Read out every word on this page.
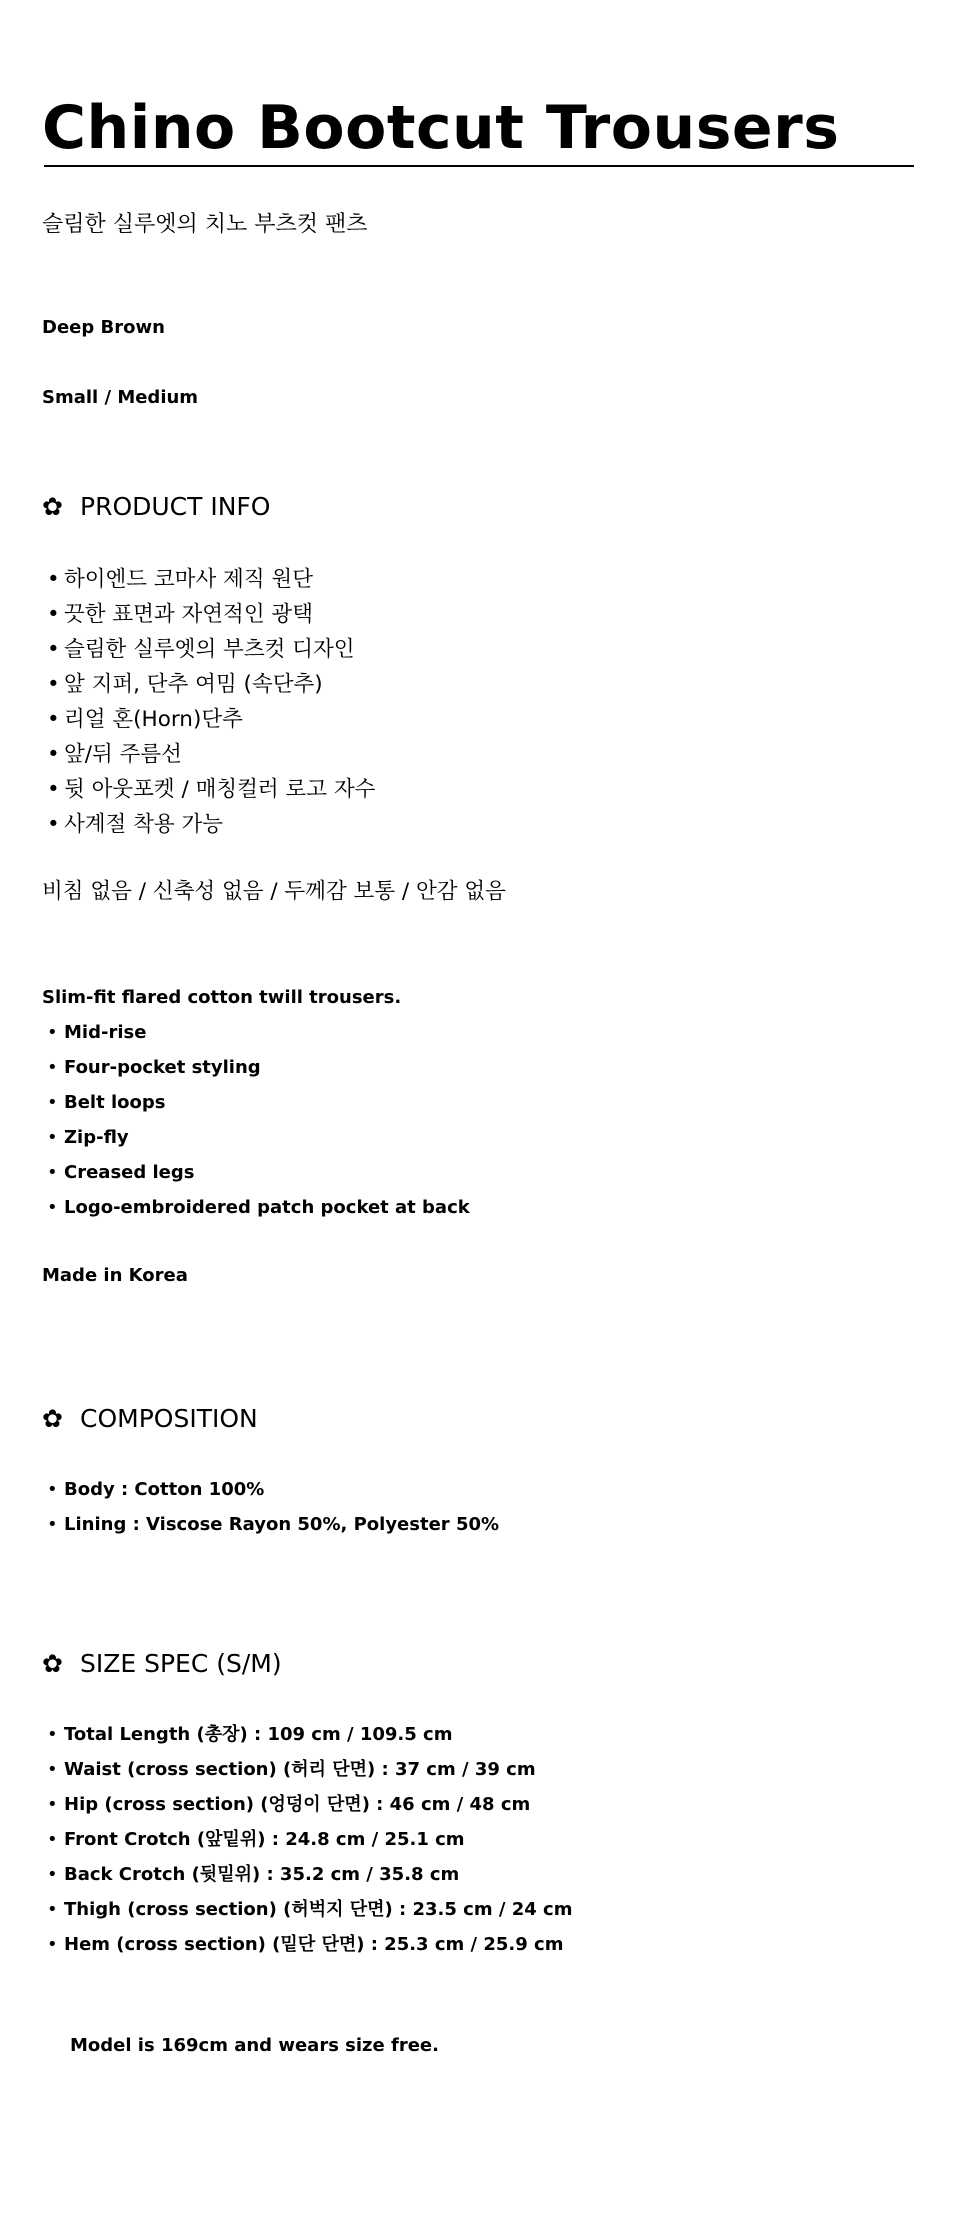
Chino Bootcut Trousers
슬림한 실루엣의 치노 부츠컷 팬츠
Deep Brown
Small / Medium
✿ PRODUCT INFO
• 하이엔드 코마사 제직 원단
• 끗한 표면과 자연적인 광택
• 슬림한 실루엣의 부츠컷 디자인
• 앞 지퍼, 단추 여밈 (속단추)
• 리얼 혼(Horn)단추
• 앞/뒤 주름선
• 뒷 아웃포켓 / 매칭컬러 로고 자수
• 사계절 착용 가능
비침 없음 / 신축성 없음 / 두께감 보통 / 안감 없음
Slim-fit flared cotton twill trousers.
• Mid-rise
• Four-pocket styling
• Belt loops
• Zip-fly
• Creased legs
• Logo-embroidered patch pocket at back
Made in Korea
✿ COMPOSITION
• Body : Cotton 100%
• Lining : Viscose Rayon 50%, Polyester 50%
✿ SIZE SPEC (S/M)
• Total Length (총장) : 109 cm / 109.5 cm
• Waist (cross section) (허리 단면) : 37 cm / 39 cm
• Hip (cross section) (엉덩이 단면) : 46 cm / 48 cm
• Front Crotch (앞밑위) : 24.8 cm / 25.1 cm
• Back Crotch (뒷밑위) : 35.2 cm / 35.8 cm
• Thigh (cross section) (허벅지 단면) : 23.5 cm / 24 cm
• Hem (cross section) (밑단 단면) : 25.3 cm / 25.9 cm
Model is 169cm and wears size free.
